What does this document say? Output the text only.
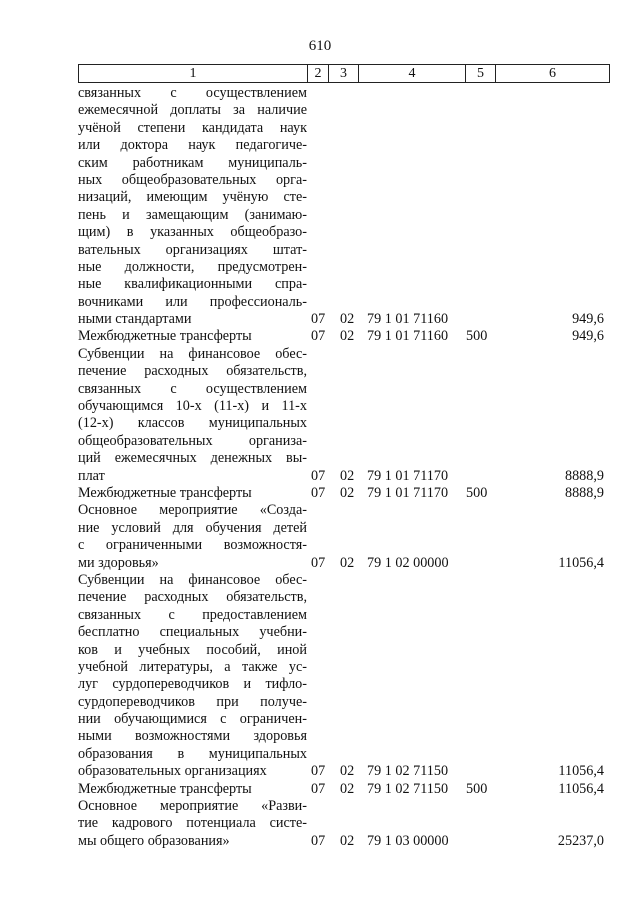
610
1	2	3	4	5	6
связанных с осуществлением
ежемесячной доплаты за наличие
учёной степени кандидата наук
или доктора наук педагогиче-
ским работникам муниципаль-
ных общеобразовательных орга-
низаций, имеющим учёную сте-
пень и замещающим (занимаю-
щим) в указанных общеобразо-
вательных организациях штат-
ные должности, предусмотрен-
ные квалификационными спра-
вочниками или профессиональ-
ными стандартами	07 02 79 1 01 71160	949,6
Межбюджетные трансферты	07 02 79 1 01 71160 500	949,6
Субвенции на финансовое обес-
печение расходных обязательств,
связанных с осуществлением
обучающимся 10-х (11-х) и 11-х
(12-х) классов муниципальных
общеобразовательных организа-
ций ежемесячных денежных вы-
плат	07 02 79 1 01 71170	8888,9
Межбюджетные трансферты	07 02 79 1 01 71170 500	8888,9
Основное мероприятие «Созда-
ние условий для обучения детей
с ограниченными возможностя-
ми здоровья»	07 02 79 1 02 00000	11056,4
Субвенции на финансовое обес-
печение расходных обязательств,
связанных с предоставлением
бесплатно специальных учебни-
ков и учебных пособий, иной
учебной литературы, а также ус-
луг сурдопереводчиков и тифло-
сурдопереводчиков при получе-
нии обучающимися с ограничен-
ными возможностями здоровья
образования в муниципальных
образовательных организациях	07 02 79 1 02 71150	11056,4
Межбюджетные трансферты	07 02 79 1 02 71150 500	11056,4
Основное мероприятие «Разви-
тие кадрового потенциала систе-
мы общего образования»	07 02 79 1 03 00000	25237,0
